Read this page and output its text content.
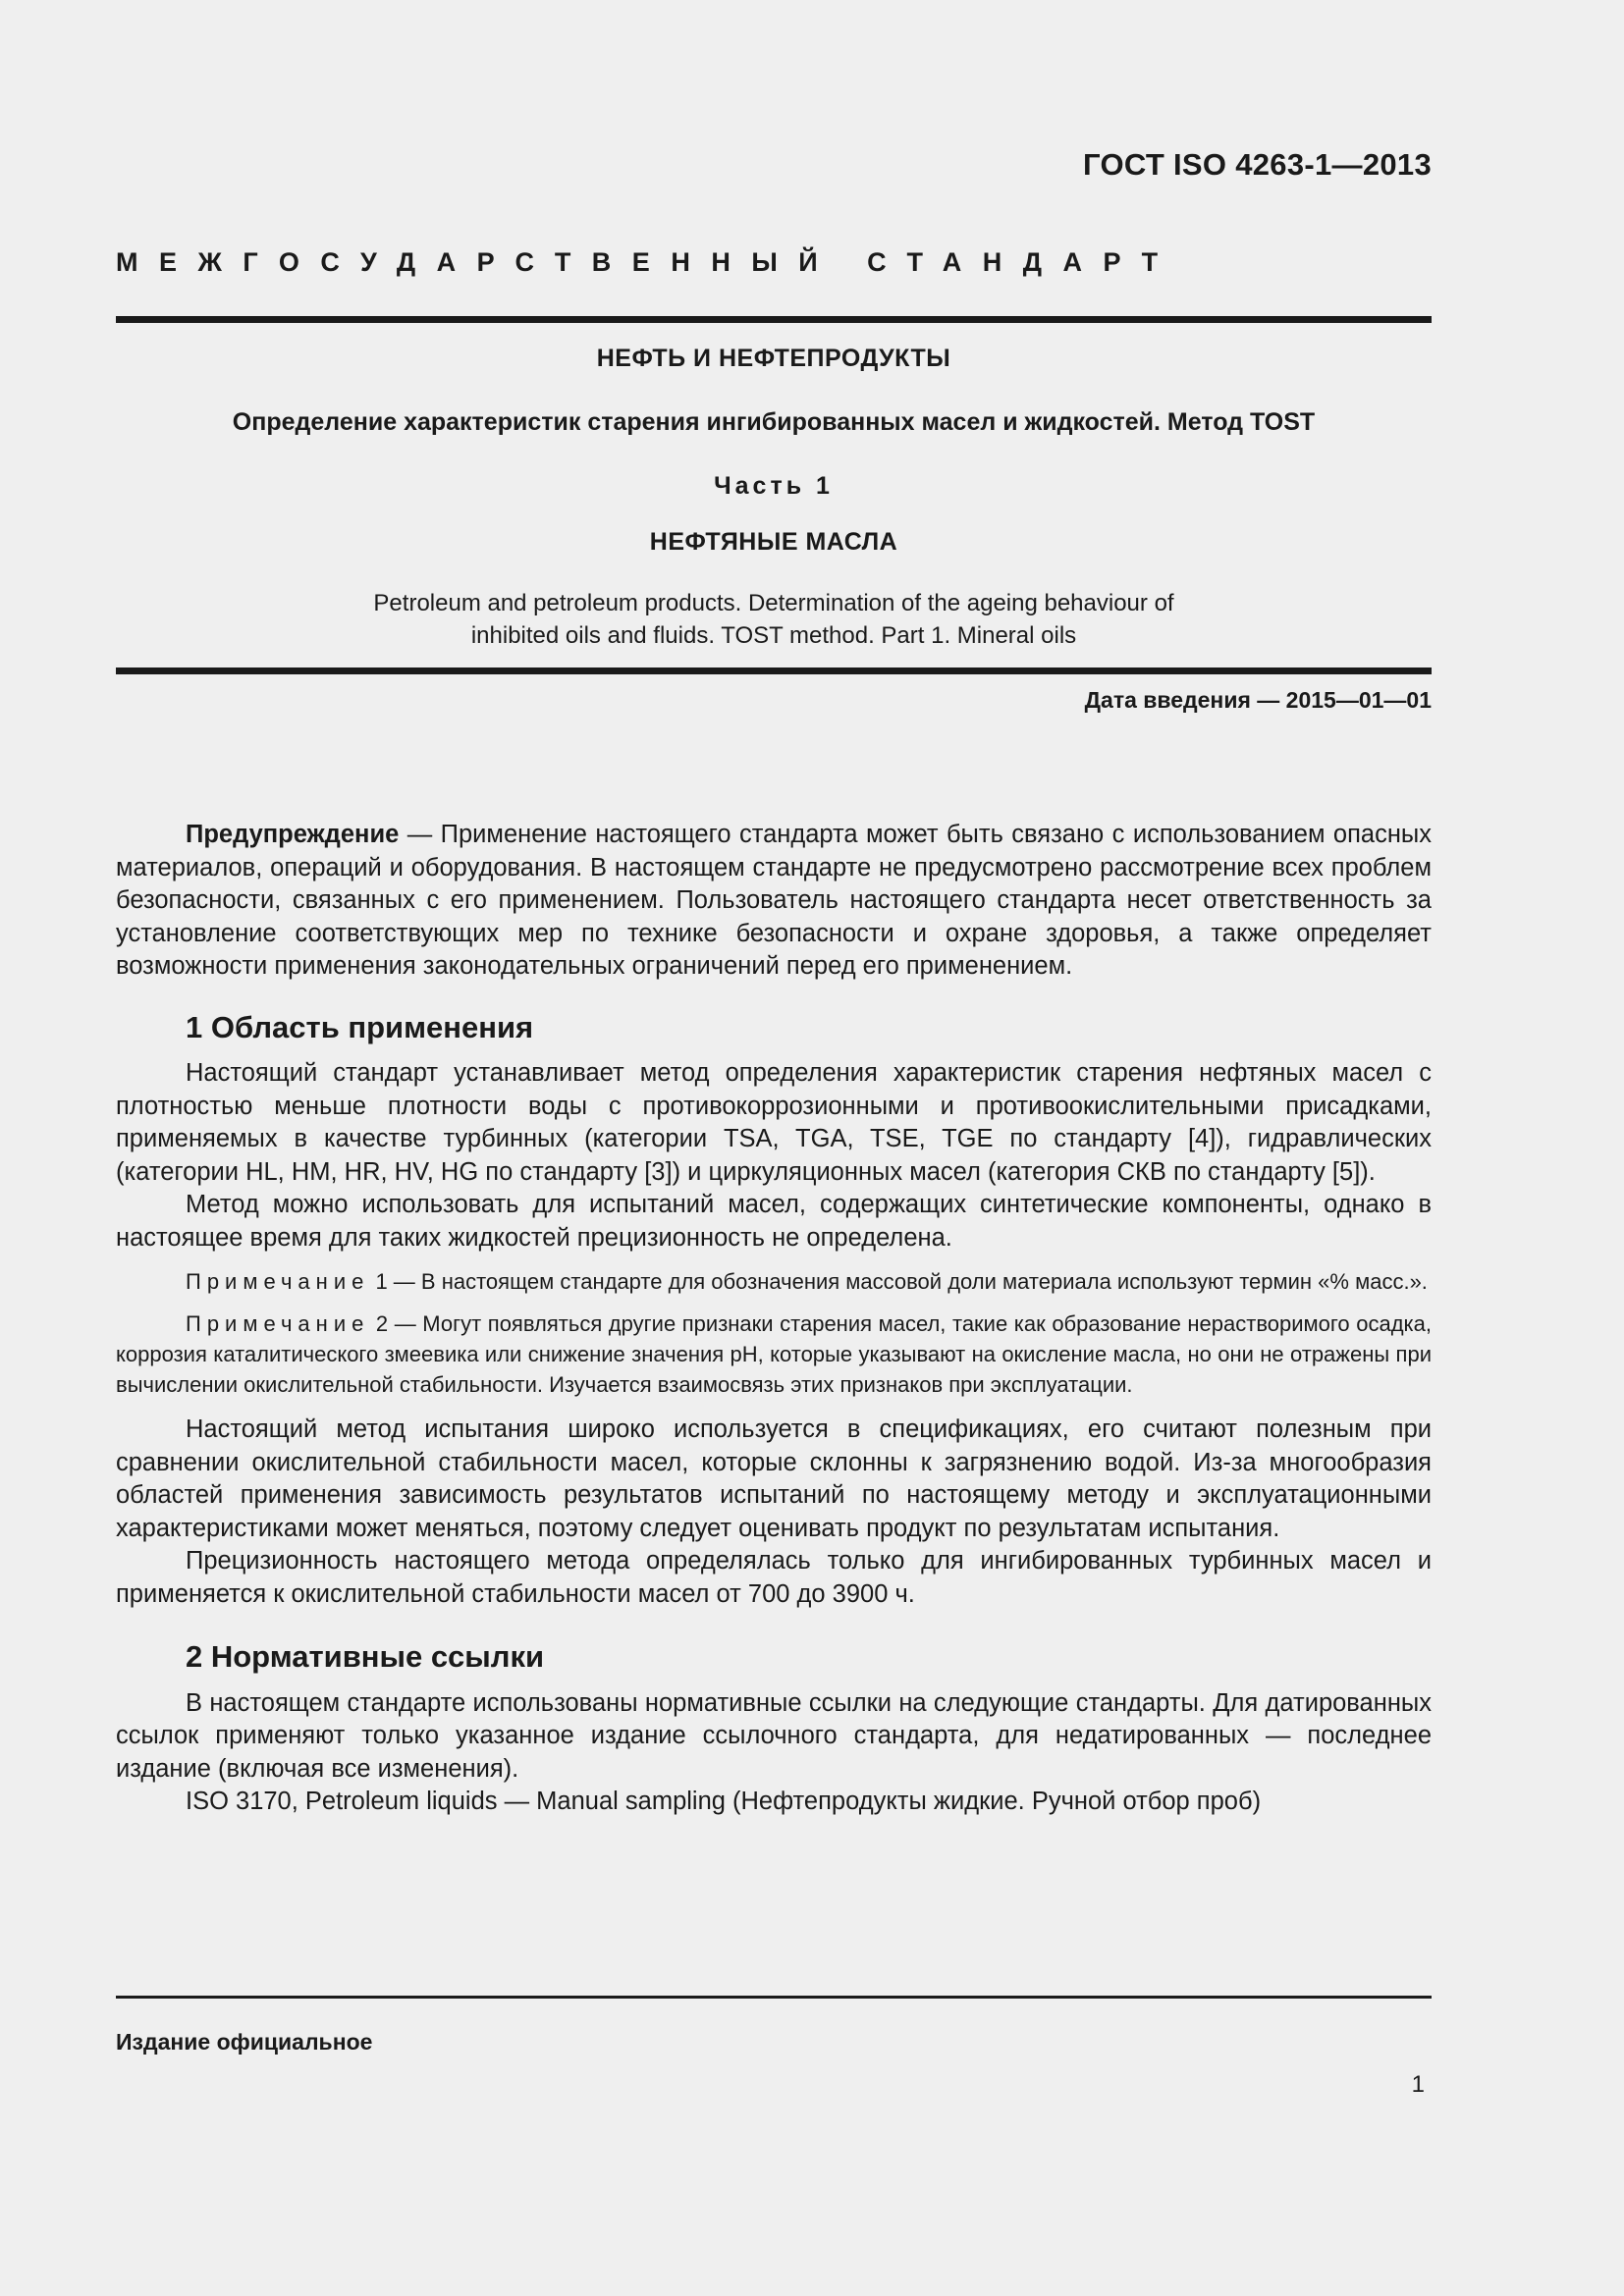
ГОСТ ISO 4263-1—2013
МЕЖГОСУДАРСТВЕННЫЙ СТАНДАРТ
НЕФТЬ И НЕФТЕПРОДУКТЫ
Определение характеристик старения ингибированных масел и жидкостей. Метод TOST
Часть 1
НЕФТЯНЫЕ МАСЛА
Petroleum and petroleum products. Determination of the ageing behaviour of
inhibited oils and fluids. TOST method. Part 1. Mineral oils
Дата введения — 2015—01—01

Предупреждение — Применение настоящего стандарта может быть связано с использованием опасных материалов, операций и оборудования. В настоящем стандарте не предусмотрено рассмотрение всех проблем безопасности, связанных с его применением. Пользователь настоящего стандарта несет ответственность за установление соответствующих мер по технике безопасности и охране здоровья, а также определяет возможности применения законодательных ограничений перед его применением.

1 Область применения

Настоящий стандарт устанавливает метод определения характеристик старения нефтяных масел с плотностью меньше плотности воды с противокоррозионными и противоокислительными присадками, применяемых в качестве турбинных (категории TSA, TGA, TSE, TGE по стандарту [4]), гидравлических (категории HL, HM, HR, HV, HG по стандарту [3]) и циркуляционных масел (категория СКВ по стандарту [5]).

Метод можно использовать для испытаний масел, содержащих синтетические компоненты, однако в настоящее время для таких жидкостей прецизионность не определена.

Примечание 1 — В настоящем стандарте для обозначения массовой доли материала используют термин «% масс.».

Примечание 2 — Могут появляться другие признаки старения масел, такие как образование нерастворимого осадка, коррозия каталитического змеевика или снижение значения pH, которые указывают на окисление масла, но они не отражены при вычислении окислительной стабильности. Изучается взаимосвязь этих признаков при эксплуатации.

Настоящий метод испытания широко используется в спецификациях, его считают полезным при сравнении окислительной стабильности масел, которые склонны к загрязнению водой. Из-за многообразия областей применения зависимость результатов испытаний по настоящему методу и эксплуатационными характеристиками может меняться, поэтому следует оценивать продукт по результатам испытания.

Прецизионность настоящего метода определялась только для ингибированных турбинных масел и применяется к окислительной стабильности масел от 700 до 3900 ч.

2 Нормативные ссылки

В настоящем стандарте использованы нормативные ссылки на следующие стандарты. Для датированных ссылок применяют только указанное издание ссылочного стандарта, для недатированных — последнее издание (включая все изменения).

ISO 3170, Petroleum liquids — Manual sampling (Нефтепродукты жидкие. Ручной отбор проб)

Издание официальное
1
